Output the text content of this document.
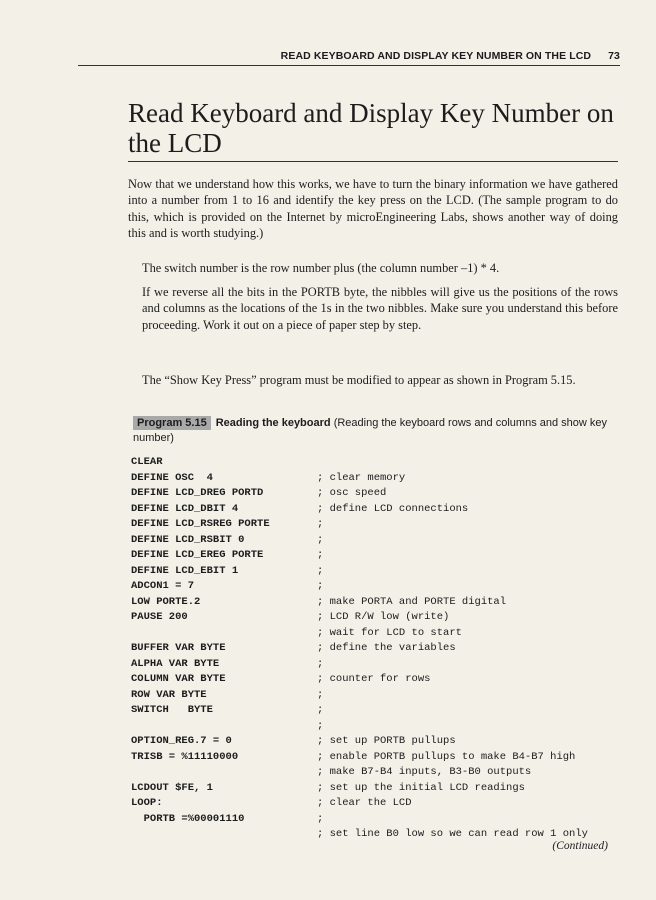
READ KEYBOARD AND DISPLAY KEY NUMBER ON THE LCD 73
Read Keyboard and Display Key Number on the LCD

Now that we understand how this works, we have to turn the binary information we have gathered into a number from 1 to 16 and identify the key press on the LCD. (The sample program to do this, which is provided on the Internet by microEngineering Labs, shows another way of doing this and is worth studying.)

The switch number is the row number plus (the column number –1) * 4.

If we reverse all the bits in the PORTB byte, the nibbles will give us the positions of the rows and columns as the locations of the 1s in the two nibbles. Make sure you understand this before proceeding. Work it out on a piece of paper step by step.

The “Show Key Press” program must be modified to appear as shown in Program 5.15.

Program 5.15 Reading the keyboard (Reading the keyboard rows and columns and show key number)
CLEAR
DEFINE OSC  4	; clear memory
DEFINE LCD_DREG PORTD	; osc speed
DEFINE LCD_DBIT 4	; define LCD connections
DEFINE LCD_RSREG PORTE	;
DEFINE LCD_RSBIT 0	;
DEFINE LCD_EREG PORTE	;
DEFINE LCD_EBIT 1	;
ADCON1 = 7	;
LOW PORTE.2	; make PORTA and PORTE digital
PAUSE 200	; LCD R/W low (write)
; wait for LCD to start
BUFFER VAR BYTE	; define the variables
ALPHA VAR BYTE	;
COLUMN VAR BYTE	; counter for rows
ROW VAR BYTE	;
SWITCH   BYTE	;
;
OPTION_REG.7 = 0	; set up PORTB pullups
TRISB = %11110000	; enable PORTB pullups to make B4-B7 high
; make B7-B4 inputs, B3-B0 outputs
LCDOUT $FE, 1	; set up the initial LCD readings
LOOP:	; clear the LCD
PORTB =%00001110	;
; set line B0 low so we can read row 1 only
(Continued)
